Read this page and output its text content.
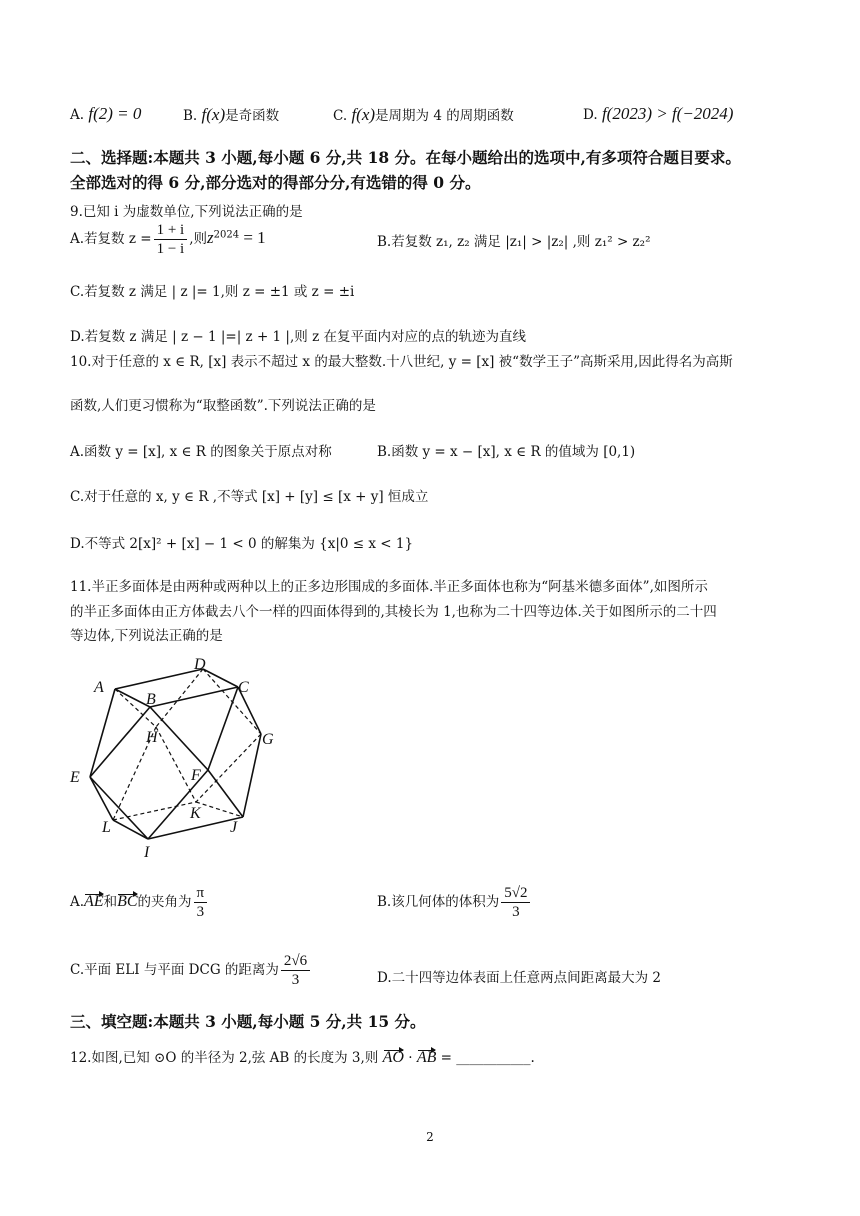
A. f(2) = 0	B. f(x)是奇函数	C. f(x)是周期为 4 的周期函数	D. f(2023) > f(−2024)
二、选择题:本题共 3 小题,每小题 6 分,共 18 分。在每小题给出的选项中,有多项符合题目要求。
全部选对的得 6 分,部分选对的得部分分,有选错的得 0 分。
9.已知 i 为虚数单位,下列说法正确的是
A.若复数 $z = \frac{1 + i}{1 - i}$ ,则$z^{2024} = 1$	B.若复数 z₁, z₂ 满足 |z₁| > |z₂| ,则 z₁² > z₂²
C.若复数 z 满足 | z |= 1,则 z = ±1 或 z = ±i
D.若复数 z 满足 | z − 1 |=| z + 1 |,则 z 在复平面内对应的点的轨迹为直线
10.对于任意的 x ∈ R, [x] 表示不超过 x 的最大整数.十八世纪, y = [x] 被“数学王子”高斯采用,因此得名为高斯
函数,人们更习惯称为“取整函数”.下列说法正确的是
A.函数 y = [x], x ∈ R 的图象关于原点对称	B.函数 y = x − [x], x ∈ R 的值域为 [0,1)
C.对于任意的 x, y ∈ R ,不等式 [x] + [y] ≤ [x + y] 恒成立
D.不等式 2[x]² + [x] − 1 < 0 的解集为 {x|0 ≤ x < 1}
11.半正多面体是由两种或两种以上的正多边形围成的多面体.半正多面体也称为“阿基米德多面体”,如图所示
的半正多面体由正方体截去八个一样的四面体得到的,其棱长为 1,也称为二十四等边体.关于如图所示的二十四
等边体,下列说法正确的是
A
B
C
D
E	F
G
H
I
J
K
L
A.AE和BC的夹角为 $\frac{\pi}{3}$	B.该几何体的体积为 $\frac{5√2}{3}$
C.平面 ELI 与平面 DCG 的距离为 $\frac{2√6}{3}$	D.二十四等边体表面上任意两点间距离最大为 2
三、填空题:本题共 3 小题,每小题 5 分,共 15 分。
12.如图,已知 ⊙O 的半径为 2,弦 AB 的长度为 3,则 AO · AB = ___________.
2
